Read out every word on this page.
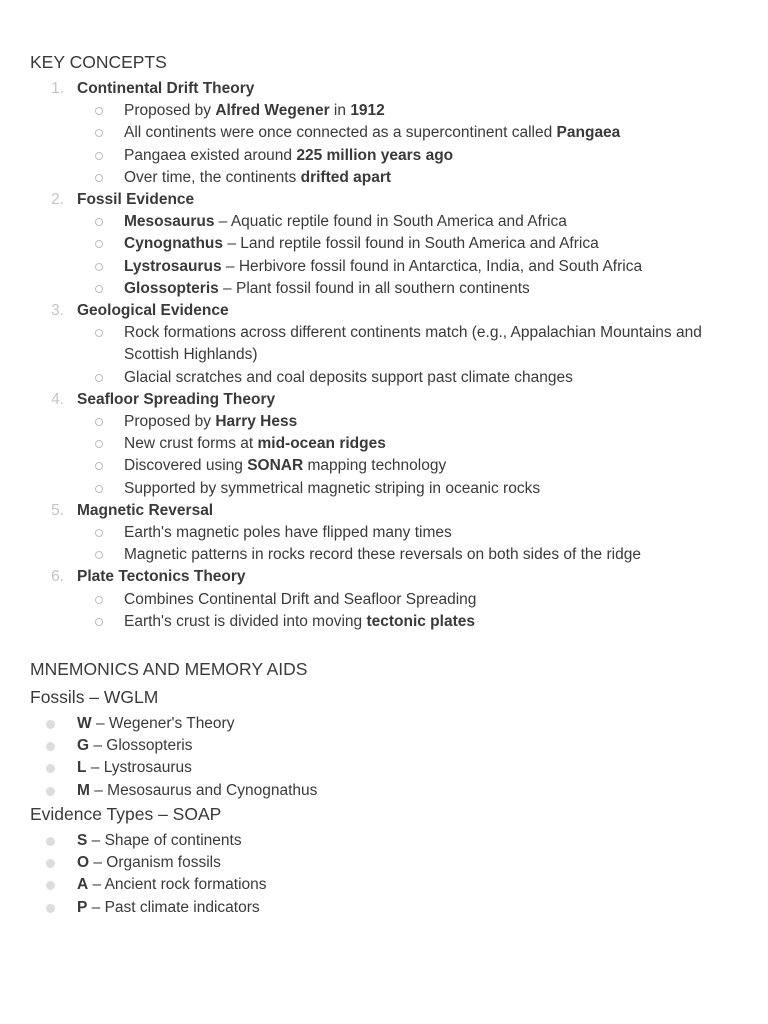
KEY CONCEPTS
1. Continental Drift Theory
Proposed by Alfred Wegener in 1912
All continents were once connected as a supercontinent called Pangaea
Pangaea existed around 225 million years ago
Over time, the continents drifted apart
2. Fossil Evidence
Mesosaurus – Aquatic reptile found in South America and Africa
Cynognathus – Land reptile fossil found in South America and Africa
Lystrosaurus – Herbivore fossil found in Antarctica, India, and South Africa
Glossopteris – Plant fossil found in all southern continents
3. Geological Evidence
Rock formations across different continents match (e.g., Appalachian Mountains and Scottish Highlands)
Glacial scratches and coal deposits support past climate changes
4. Seafloor Spreading Theory
Proposed by Harry Hess
New crust forms at mid-ocean ridges
Discovered using SONAR mapping technology
Supported by symmetrical magnetic striping in oceanic rocks
5. Magnetic Reversal
Earth's magnetic poles have flipped many times
Magnetic patterns in rocks record these reversals on both sides of the ridge
6. Plate Tectonics Theory
Combines Continental Drift and Seafloor Spreading
Earth's crust is divided into moving tectonic plates
MNEMONICS AND MEMORY AIDS
Fossils – WGLM
W – Wegener's Theory
G – Glossopteris
L – Lystrosaurus
M – Mesosaurus and Cynognathus
Evidence Types – SOAP
S – Shape of continents
O – Organism fossils
A – Ancient rock formations
P – Past climate indicators
